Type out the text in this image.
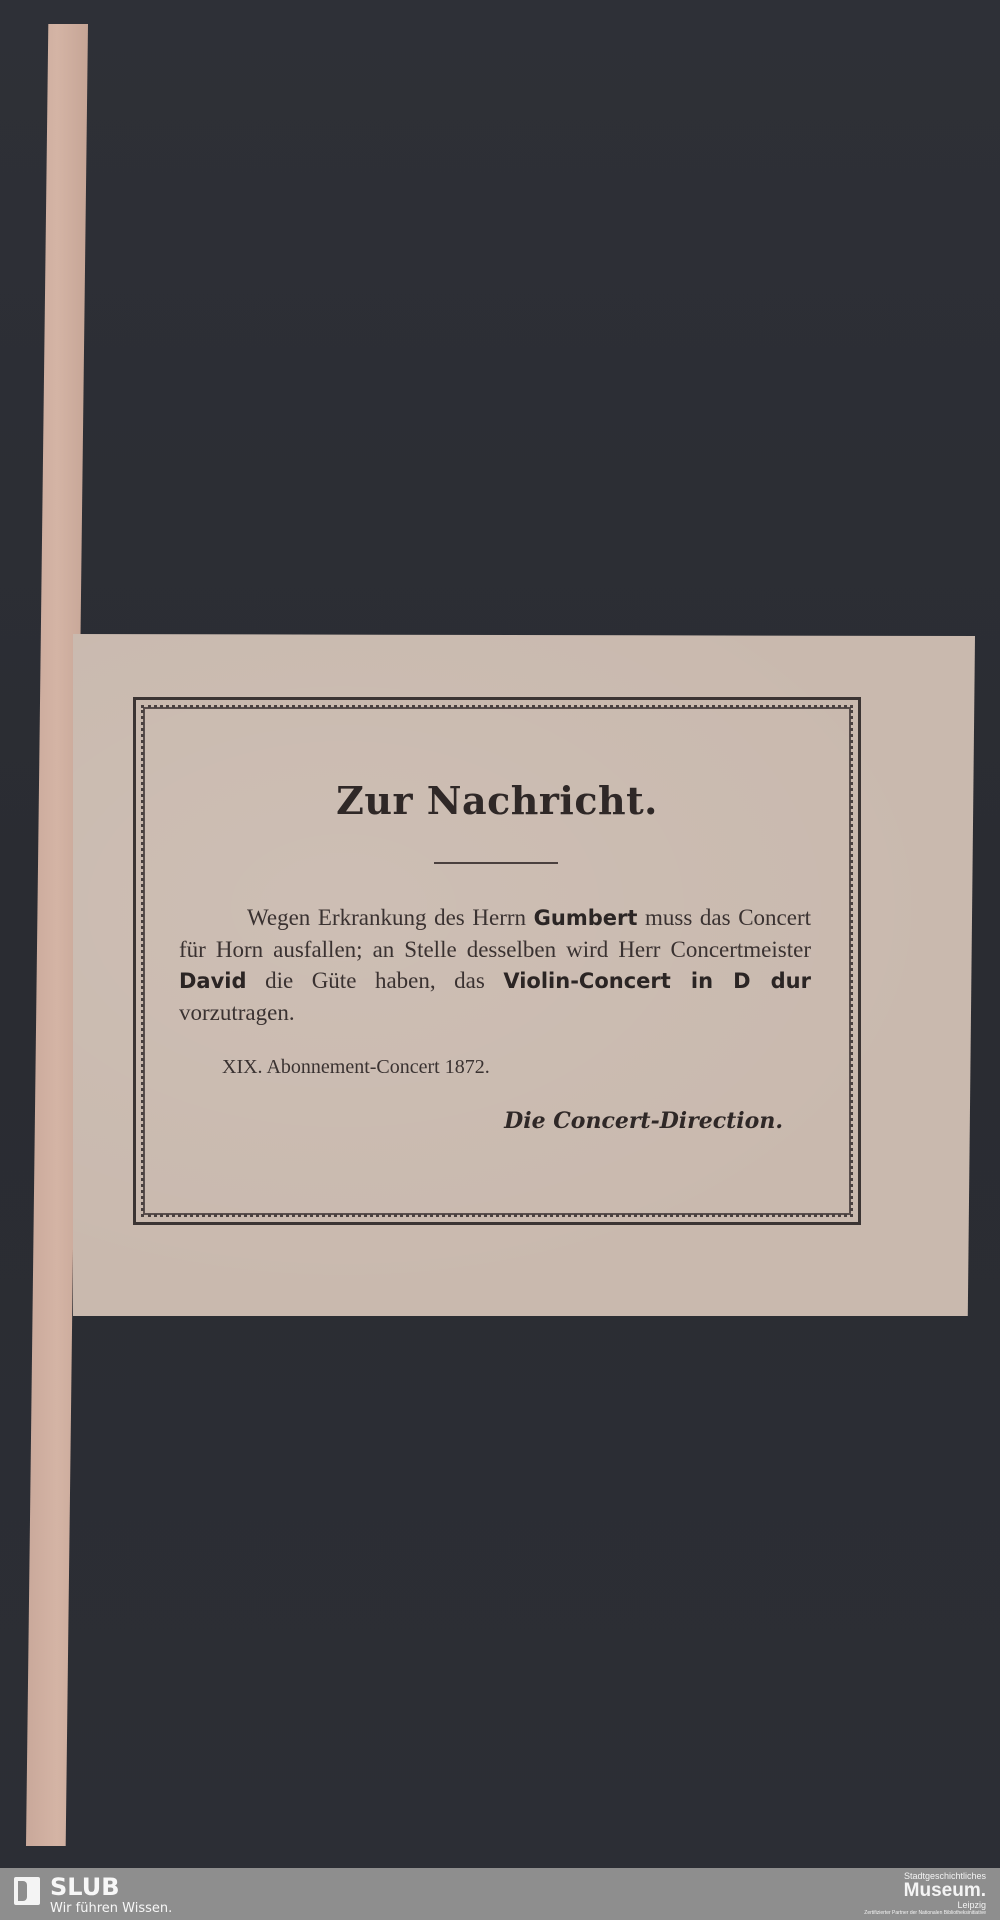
Zur Nachricht.

Wegen Erkrankung des Herrn Gumbert muss das Concert für Horn ausfallen; an Stelle desselben wird Herr Concertmeister David die Güte haben, das Violin-Concert in D dur vorzutragen.

XIX. Abonnement-Concert 1872.

Die Concert-Direction.

SLUB
Wir führen Wissen.
Stadtgeschichtliches
Museum.
Leipzig
Zertifizierter Partner der Nationalen Bibliotheksinitiative
